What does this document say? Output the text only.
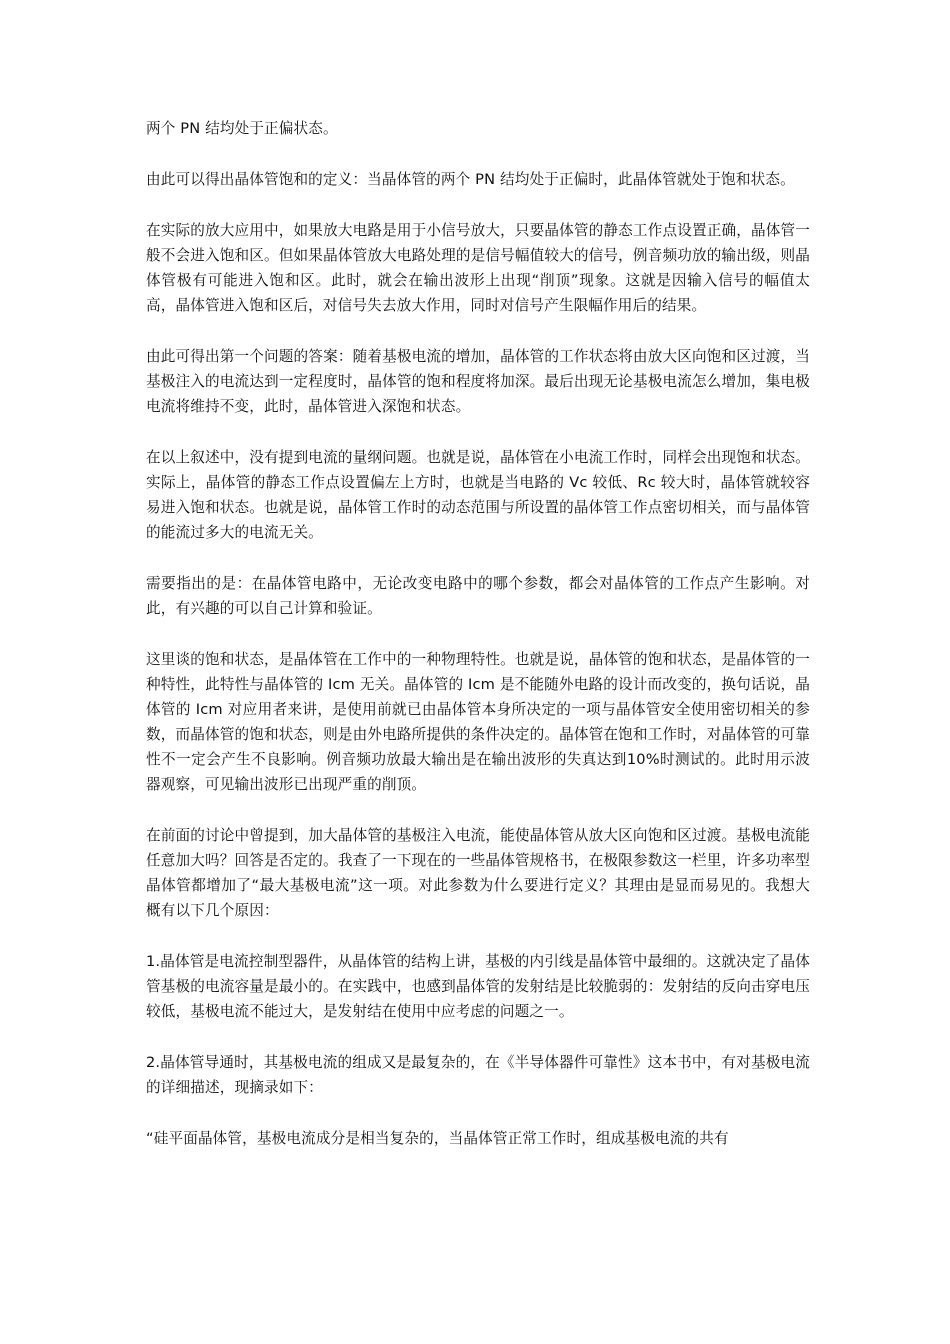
两个 PN 结均处于正偏状态。

由此可以得出晶体管饱和的定义：当晶体管的两个 PN 结均处于正偏时，此晶体管就处于饱和状态。

在实际的放大应用中，如果放大电路是用于小信号放大，只要晶体管的静态工作点设置正确，晶体管一般不会进入饱和区。但如果晶体管放大电路处理的是信号幅值较大的信号，例音频功放的输出级，则晶体管极有可能进入饱和区。此时，就会在输出波形上出现“削顶”现象。这就是因输入信号的幅值太高，晶体管进入饱和区后，对信号失去放大作用，同时对信号产生限幅作用后的结果。

由此可得出第一个问题的答案：随着基极电流的增加，晶体管的工作状态将由放大区向饱和区过渡，当基极注入的电流达到一定程度时，晶体管的饱和程度将加深。最后出现无论基极电流怎么增加，集电极电流将维持不变，此时，晶体管进入深饱和状态。

在以上叙述中，没有提到电流的量纲问题。也就是说，晶体管在小电流工作时，同样会出现饱和状态。实际上，晶体管的静态工作点设置偏左上方时，也就是当电路的 Vc 较低、Rc 较大时，晶体管就较容易进入饱和状态。也就是说，晶体管工作时的动态范围与所设置的晶体管工作点密切相关，而与晶体管的能流过多大的电流无关。

需要指出的是：在晶体管电路中，无论改变电路中的哪个参数，都会对晶体管的工作点产生影响。对此，有兴趣的可以自己计算和验证。

这里谈的饱和状态，是晶体管在工作中的一种物理特性。也就是说，晶体管的饱和状态，是晶体管的一种特性，此特性与晶体管的 Icm 无关。晶体管的 Icm 是不能随外电路的设计而改变的，换句话说，晶体管的 Icm 对应用者来讲，是使用前就已由晶体管本身所决定的一项与晶体管安全使用密切相关的参数，而晶体管的饱和状态，则是由外电路所提供的条件决定的。晶体管在饱和工作时，对晶体管的可靠性不一定会产生不良影响。例音频功放最大输出是在输出波形的失真达到10%时测试的。此时用示波器观察，可见输出波形已出现严重的削顶。

在前面的讨论中曾提到，加大晶体管的基极注入电流，能使晶体管从放大区向饱和区过渡。基极电流能任意加大吗？回答是否定的。我查了一下现在的一些晶体管规格书，在极限参数这一栏里，许多功率型晶体管都增加了“最大基极电流”这一项。对此参数为什么要进行定义？其理由是显而易见的。我想大概有以下几个原因：

1.晶体管是电流控制型器件，从晶体管的结构上讲，基极的内引线是晶体管中最细的。这就决定了晶体管基极的电流容量是最小的。在实践中，也感到晶体管的发射结是比较脆弱的：发射结的反向击穿电压较低，基极电流不能过大，是发射结在使用中应考虑的问题之一。

2.晶体管导通时，其基极电流的组成又是最复杂的，在《半导体器件可靠性》这本书中，有对基极电流的详细描述，现摘录如下：

“硅平面晶体管，基极电流成分是相当复杂的，当晶体管正常工作时，组成基极电流的共有
